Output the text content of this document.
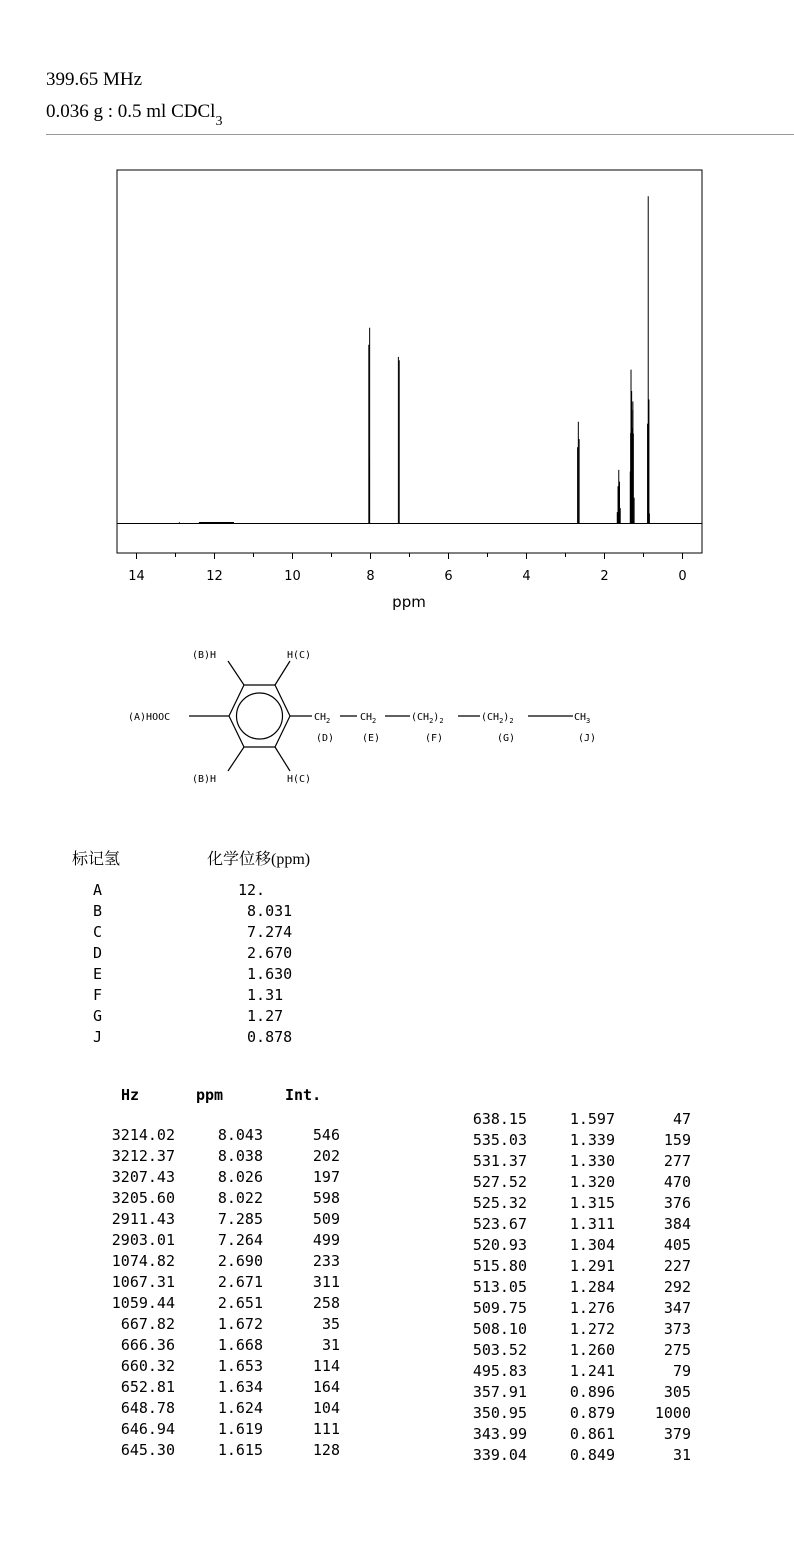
399.65 MHz
0.036 g : 0.5 ml CDCl$_3$
14	12	10	8	6	4	2	0
ppm
(A)HOOC
(B)H
(B)H
H(C)
H(C)
$CH_2$	$CH_2$	$(CH_2)_2$	$(CH_2)_2$	$CH_3$
(D)	(E)	(F)	(G)	(J)
标记氢	化学位移(ppm)
A	12.
B	8.031
C	7.274
D	2.670
E	1.630
F	1.31
G	1.27
J	0.878
Hz	ppm	Int.
3214.02	8.043	546
3212.37	8.038	202
3207.43	8.026	197
3205.60	8.022	598
2911.43	7.285	509
2903.01	7.264	499
1074.82	2.690	233
1067.31	2.671	311
1059.44	2.651	258
667.82	1.672	35
666.36	1.668	31
660.32	1.653	114
652.81	1.634	164
648.78	1.624	104
646.94	1.619	111
645.30	1.615	128
638.15	1.597	47
535.03	1.339	159
531.37	1.330	277
527.52	1.320	470
525.32	1.315	376
523.67	1.311	384
520.93	1.304	405
515.80	1.291	227
513.05	1.284	292
509.75	1.276	347
508.10	1.272	373
503.52	1.260	275
495.83	1.241	79
357.91	0.896	305
350.95	0.879	1000
343.99	0.861	379
339.04	0.849	31
